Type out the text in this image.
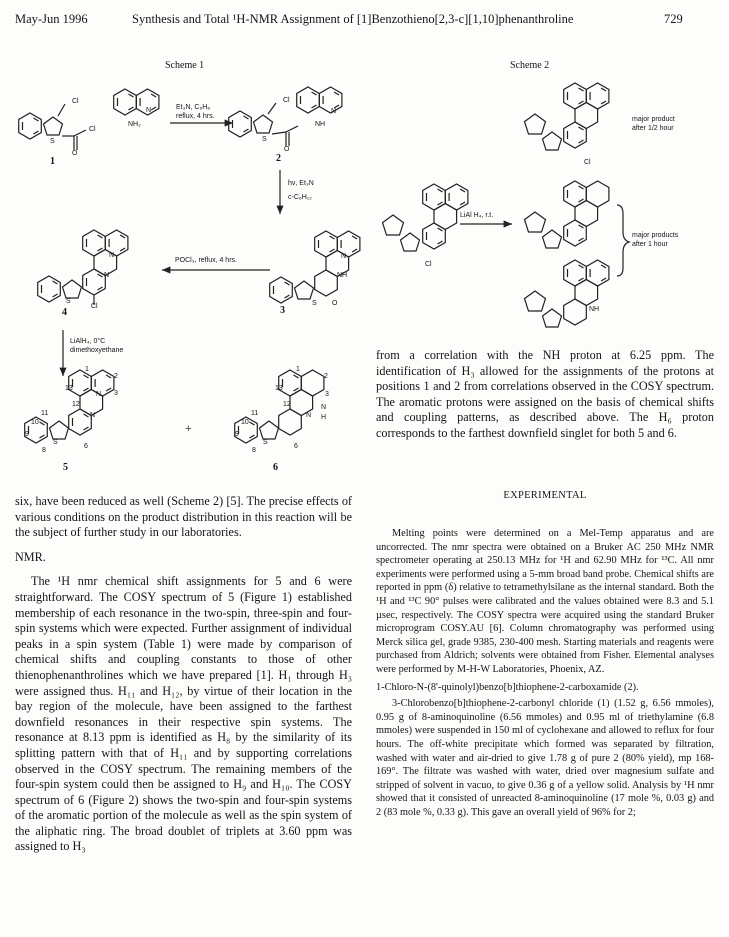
May-Jun 1996	Synthesis and Total ¹H-NMR Assignment of [1]Benzothieno[2,3-c][1,10]phenanthroline	729
Scheme 1
Et₃N, C₆H₆
reflux, 4 hrs.
hν, Et₃N
c-C₆H₁₂
POCl₃, reflux, 4 hrs.
LiAlH₄, 0°C
dimethoxyethane
+
Cl
S
O
Cl
N
NH₂
1
Cl
S
O
NH
N
2
N
NH
S O
3
N
N
S
Cl
4
N
N
S
13
1
2
3
12
11
10
9
8
6
5
N
N
H
S
13
1
2
3
12
11
10
9
8
6
6
Scheme 2
LiAl H₄, r.t.
major product
after 1/2 hour
major products
after 1 hour
Cl
Cl
NH

six, have been reduced as well (Scheme 2) [5]. The precise effects of various conditions on the product distribution in this reaction will be the subject of further study in our laboratories.

NMR.

The ¹H nmr chemical shift assignments for 5 and 6 were straightforward. The COSY spectrum of 5 (Figure 1) established membership of each resonance in the two-spin, three-spin and four-spin systems which were expected. Further assignment of individual peaks in a spin system (Table 1) were made by comparison of chemical shifts and coupling constants to those of other thienophenanthrolines which we have prepared [1]. H₁ through H₃ were assigned thus. H₁₁ and H₁₂, by virtue of their location in the bay region of the molecule, have been assigned to the farthest downfield resonances in their respective spin systems. The resonance at 8.13 ppm is identified as H₈ by the similarity of its splitting pattern with that of H₁₁ and by supporting correlations observed in the COSY spectrum. The remaining members of the four-spin system could then be assigned to H₉ and H₁₀. The COSY spectrum of 6 (Figure 2) shows the two-spin and four-spin systems of the aromatic portion of the molecule as well as the spin system of the aliphatic ring. The broad doublet of triplets at 3.60 ppm was assigned to H₃

from a correlation with the NH proton at 6.25 ppm. The identification of H₃ allowed for the assignments of the protons at positions 1 and 2 from correlations observed in the COSY spectrum. The aromatic protons were assigned on the basis of chemical shifts and coupling patterns, as described above. The H₆ proton corresponds to the farthest downfield singlet for both 5 and 6.

EXPERIMENTAL

Melting points were determined on a Mel-Temp apparatus and are uncorrected. The nmr spectra were obtained on a Bruker AC 250 MHz NMR spectrometer operating at 250.13 MHz for ¹H and 62.90 MHz for ¹³C. All nmr experiments were performed using a 5-mm broad band probe. Chemical shifts are reported in ppm (δ) relative to tetramethylsilane as the internal standard. Both the ¹H and ¹³C 90° pulses were calibrated and the values obtained were 8.3 and 5.1 µsec, respectively. The COSY spectra were acquired using the standard Bruker microprogram COSY.AU [6]. Column chromatography was performed using Merck silica gel, grade 9385, 230-400 mesh. Starting materials and reagents were purchased from Aldrich; solvents were obtained from Fisher. Elemental analyses were performed by M-H-W Laboratories, Phoenix, AZ.

1-Chloro-N-(8'-quinolyl)benzo[b]thiophene-2-carboxamide (2).

3-Chlorobenzo[b]thiophene-2-carbonyl chloride (1) (1.52 g, 6.56 mmoles), 0.95 g of 8-aminoquinoline (6.56 mmoles) and 0.95 ml of triethylamine (6.8 mmoles) were suspended in 150 ml of cyclohexane and allowed to reflux for four hours. The off-white precipitate which formed was separated by filtration, washed with water and air-dried to give 1.78 g of pure 2 (80% yield), mp 168-169°. The filtrate was washed with water, dried over magnesium sulfate and stripped of solvent in vacuo, to give 0.36 g of a yellow solid. Analysis by ¹H nmr showed that it consisted of unreacted 8-aminoquinoline (17 mole %, 0.03 g) and 2 (83 mole %, 0.33 g). This gave an overall yield of 96% for 2;
